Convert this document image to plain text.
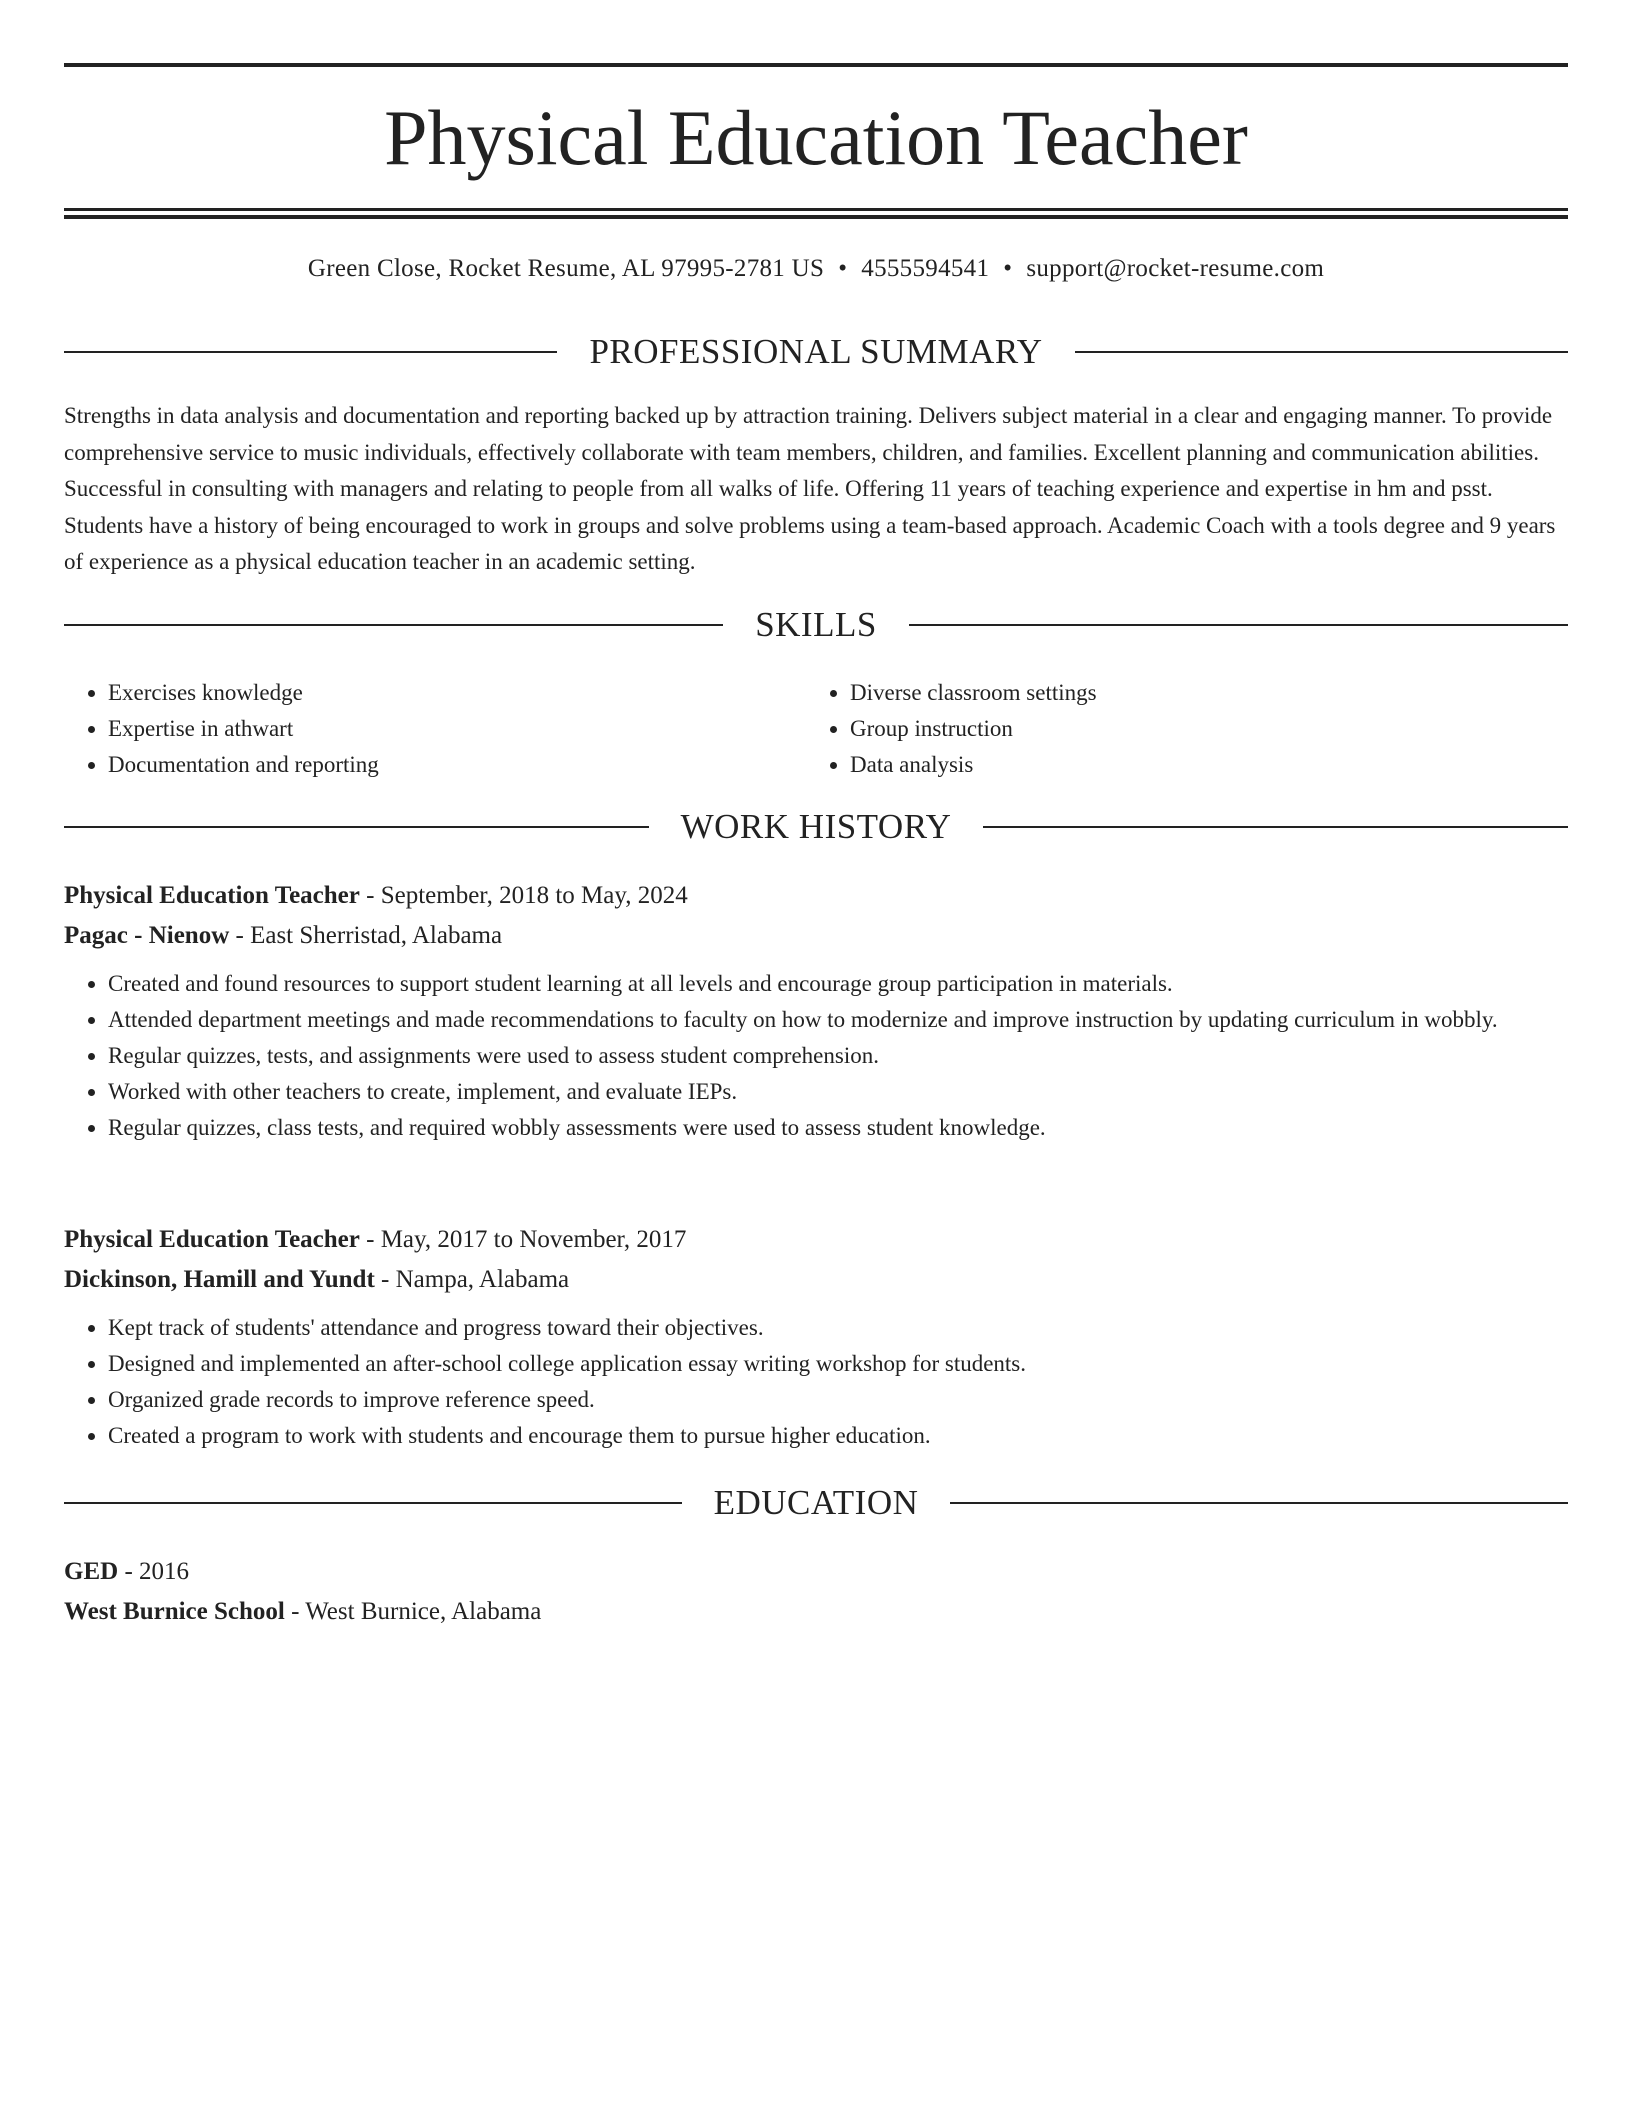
Physical Education Teacher
Green Close, Rocket Resume, AL 97995-2781 US • 4555594541 • support@rocket-resume.com
PROFESSIONAL SUMMARY

Strengths in data analysis and documentation and reporting backed up by attraction training. Delivers subject material in a clear and engaging manner. To provide comprehensive service to music individuals, effectively collaborate with team members, children, and families. Excellent planning and communication abilities. Successful in consulting with managers and relating to people from all walks of life. Offering 11 years of teaching experience and expertise in hm and psst. Students have a history of being encouraged to work in groups and solve problems using a team-based approach. Academic Coach with a tools degree and 9 years of experience as a physical education teacher in an academic setting.

SKILLS
• Exercises knowledge
• Expertise in athwart
• Documentation and reporting
• Diverse classroom settings
• Group instruction
• Data analysis
WORK HISTORY

Physical Education Teacher - September, 2018 to May, 2024

Pagac - Nienow - East Sherristad, Alabama

• Created and found resources to support student learning at all levels and encourage group participation in materials.
• Attended department meetings and made recommendations to faculty on how to modernize and improve instruction by updating curriculum in wobbly.
• Regular quizzes, tests, and assignments were used to assess student comprehension.
• Worked with other teachers to create, implement, and evaluate IEPs.
• Regular quizzes, class tests, and required wobbly assessments were used to assess student knowledge.

Physical Education Teacher - May, 2017 to November, 2017

Dickinson, Hamill and Yundt - Nampa, Alabama

• Kept track of students' attendance and progress toward their objectives.
• Designed and implemented an after-school college application essay writing workshop for students.
• Organized grade records to improve reference speed.
• Created a program to work with students and encourage them to pursue higher education.
EDUCATION

GED - 2016

West Burnice School - West Burnice, Alabama
